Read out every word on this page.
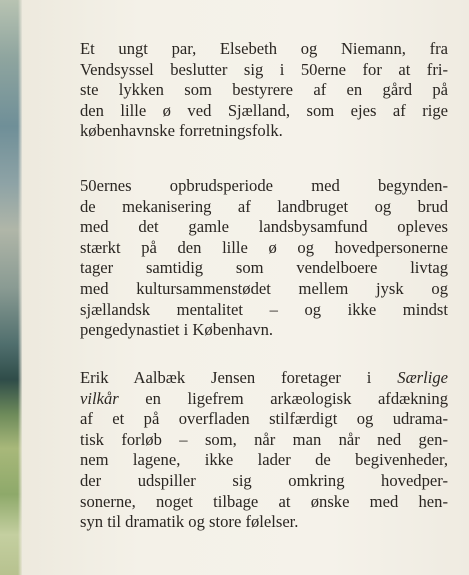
Et ungt par, Elsebeth og Niemann, fra
Vendsyssel beslutter sig i 50erne for at fri-
ste lykken som bestyrere af en gård på
den lille ø ved Sjælland, som ejes af rige
københavnske forretningsfolk.

50ernes opbrudsperiode med begynden-
de mekanisering af landbruget og brud
med det gamle landsbysamfund opleves
stærkt på den lille ø og hovedpersonerne
tager samtidig som vendelboere livtag
med kultursammenstødet mellem jysk og
sjællandsk mentalitet – og ikke mindst
pengedynastiet i København.

Erik Aalbæk Jensen foretager i Særlige
vilkår en ligefrem arkæologisk afdækning
af et på overfladen stilfærdigt og udrama-
tisk forløb – som, når man når ned gen-
nem lagene, ikke lader de begivenheder,
der udspiller sig omkring hovedper-
sonerne, noget tilbage at ønske med hen-
syn til dramatik og store følelser.
